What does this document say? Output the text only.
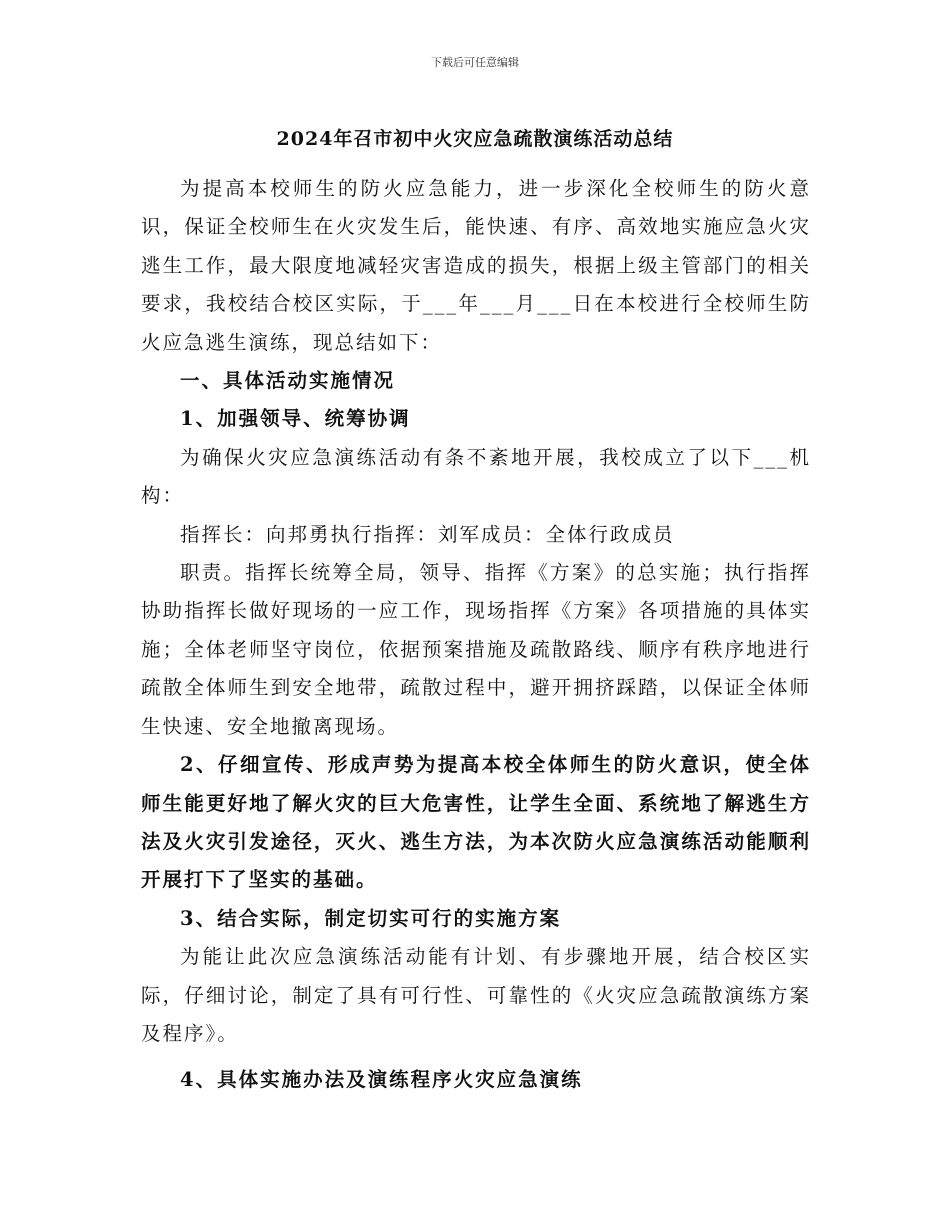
下载后可任意编辑
2024年召市初中火灾应急疏散演练活动总结

为提高本校师生的防火应急能力，进一步深化全校师生的防火意识，保证全校师生在火灾发生后，能快速、有序、高效地实施应急火灾逃生工作，最大限度地减轻灾害造成的损失，根据上级主管部门的相关要求，我校结合校区实际，于___年___月___日在本校进行全校师生防火应急逃生演练，现总结如下：

一、具体活动实施情况

1、加强领导、统筹协调

为确保火灾应急演练活动有条不紊地开展，我校成立了以下___机构：

指挥长：向邦勇执行指挥：刘军成员：全体行政成员

职责。指挥长统筹全局，领导、指挥《方案》的总实施；执行指挥协助指挥长做好现场的一应工作，现场指挥《方案》各项措施的具体实施；全体老师坚守岗位，依据预案措施及疏散路线、顺序有秩序地进行疏散全体师生到安全地带，疏散过程中，避开拥挤踩踏，以保证全体师生快速、安全地撤离现场。

2、仔细宣传、形成声势为提高本校全体师生的防火意识，使全体师生能更好地了解火灾的巨大危害性，让学生全面、系统地了解逃生方法及火灾引发途径，灭火、逃生方法，为本次防火应急演练活动能顺利开展打下了坚实的基础。

3、结合实际，制定切实可行的实施方案

为能让此次应急演练活动能有计划、有步骤地开展，结合校区实际，仔细讨论，制定了具有可行性、可靠性的《火灾应急疏散演练方案及程序》。

4、具体实施办法及演练程序火灾应急演练
